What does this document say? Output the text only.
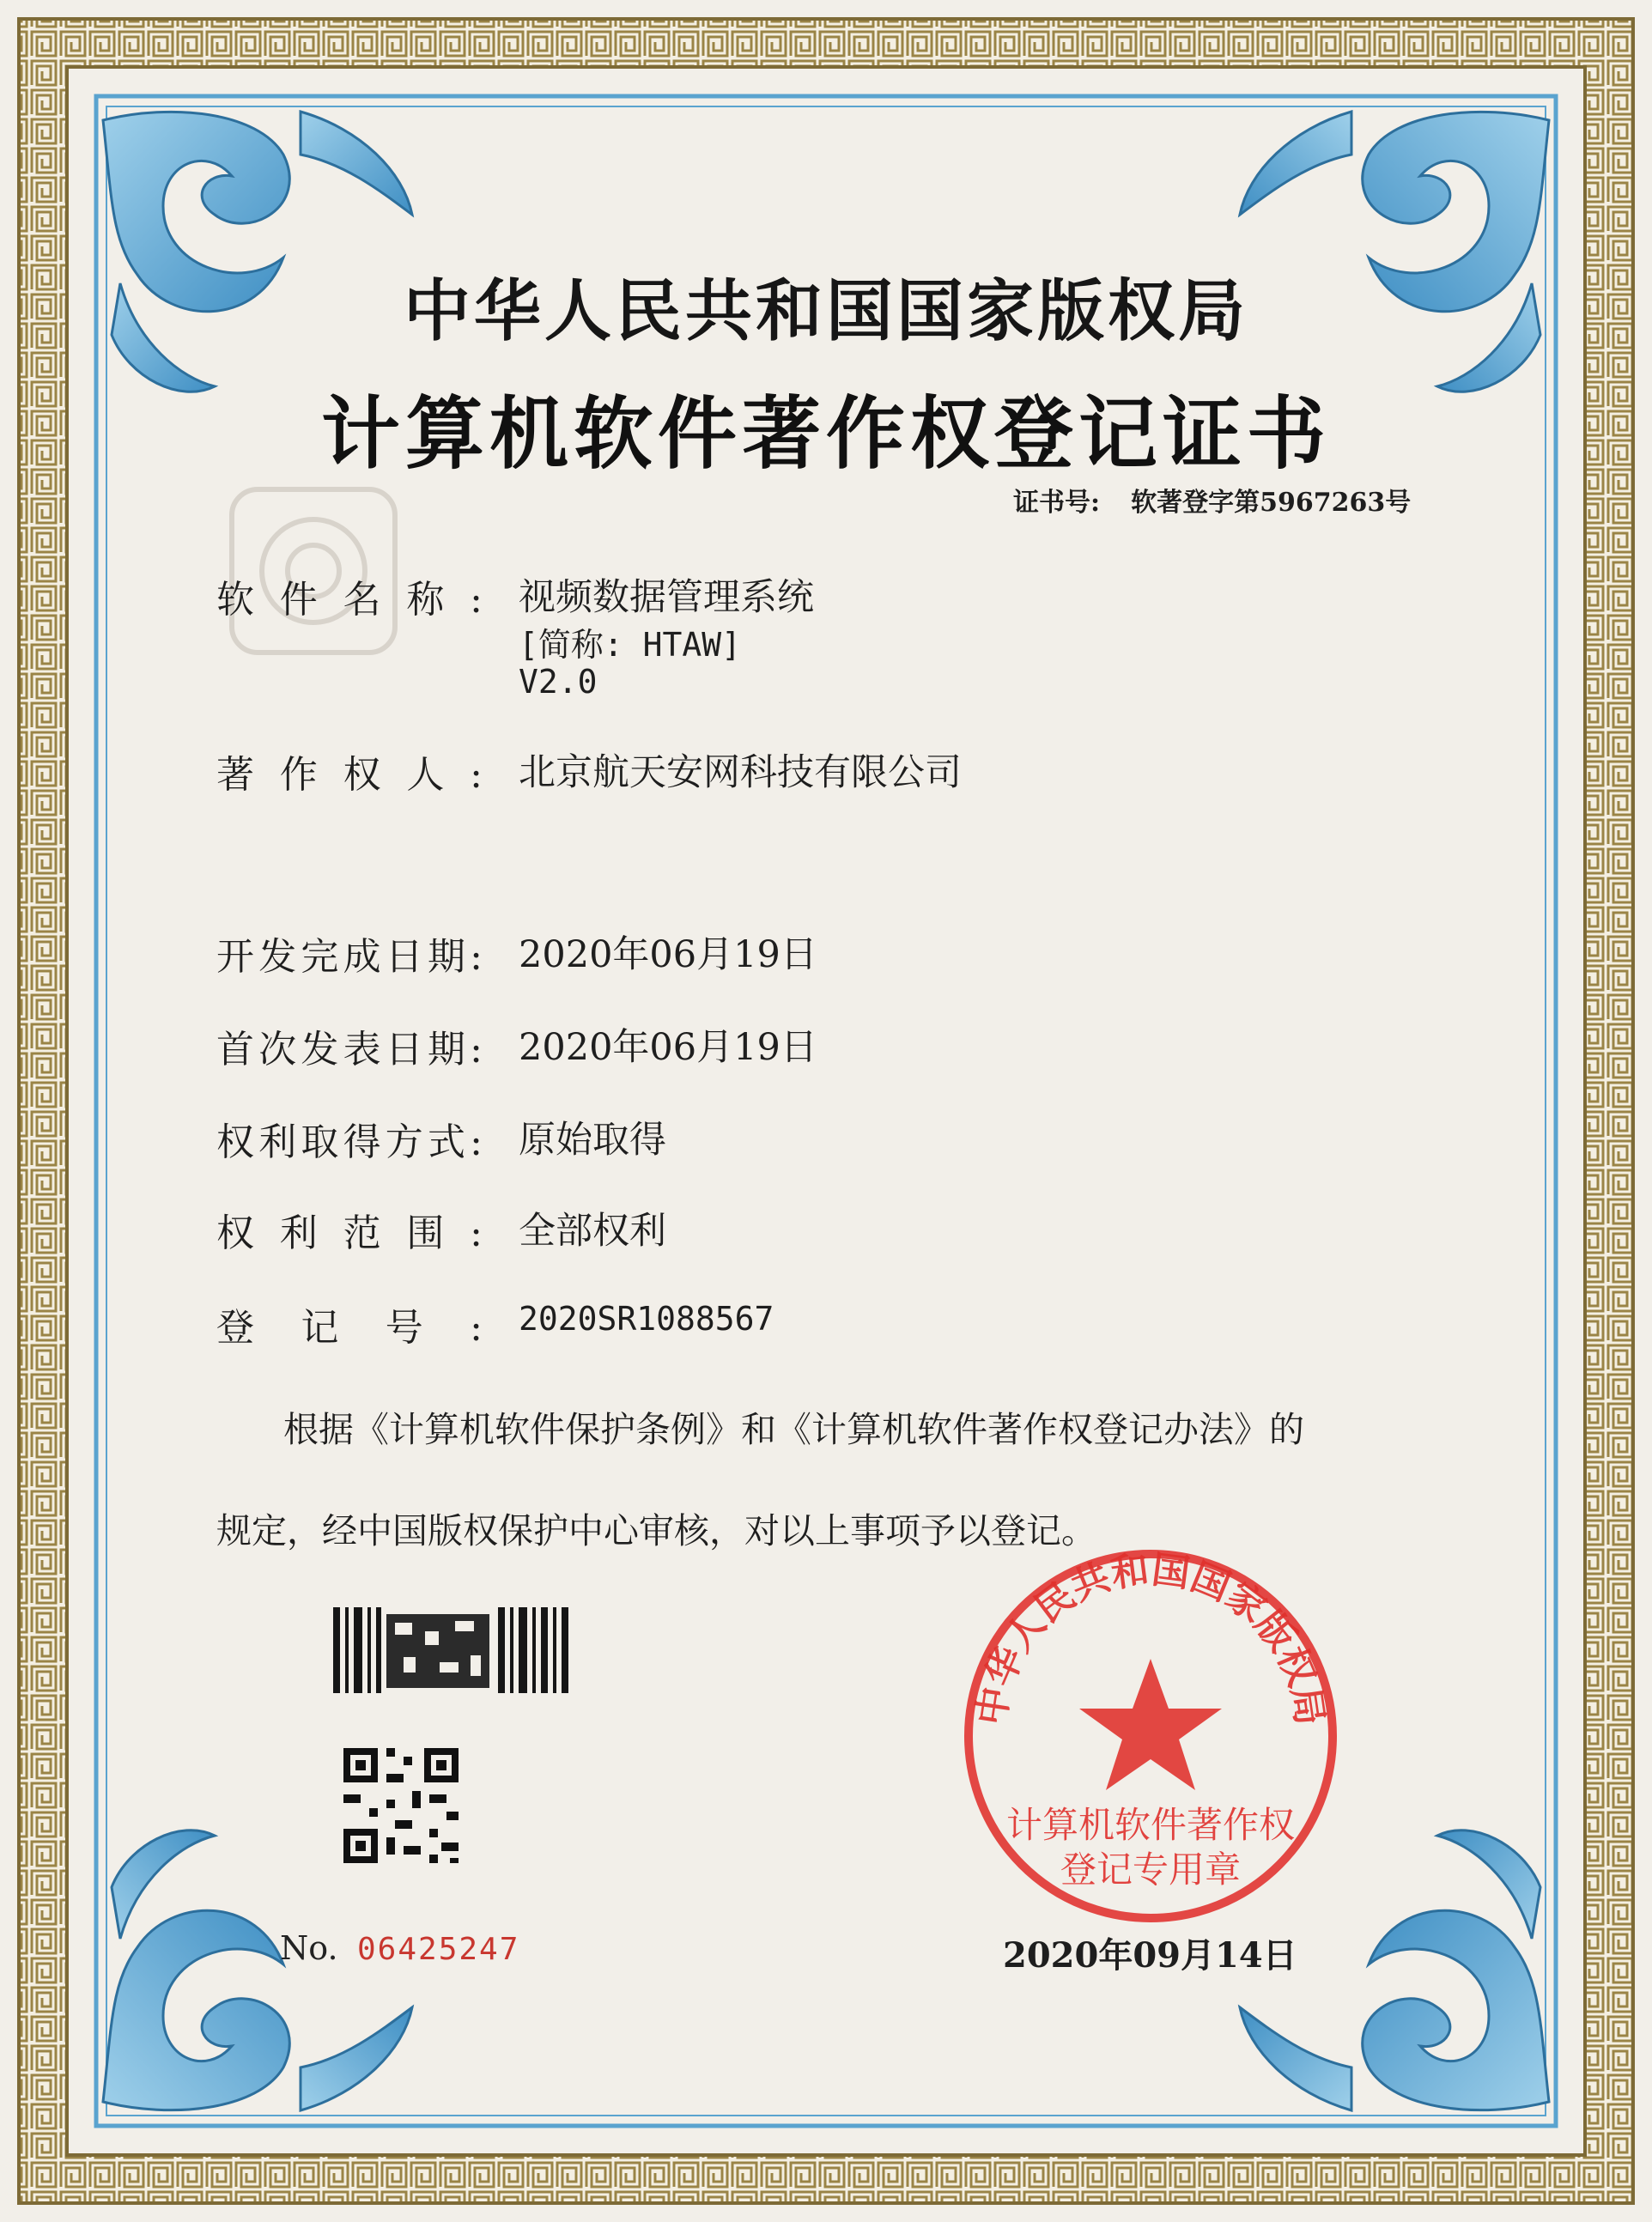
中华人民共和国国家版权局
计算机软件著作权
登记专用章
中华人民共和国国家版权局
计算机软件著作权登记证书
证书号: 软著登字第5967263号
软件名称: 视频数据管理系统
[简称: HTAW]
V2.0
著作权人: 北京航天安网科技有限公司
开发完成日期: 2020年06月19日
首次发表日期: 2020年06月19日
权利取得方式: 原始取得
权利范围: 全部权利
登记号: 2020SR1088567
根据《计算机软件保护条例》和《计算机软件著作权登记办法》的
规定，经中国版权保护中心审核，对以上事项予以登记。
No. 06425247	2020年09月14日
